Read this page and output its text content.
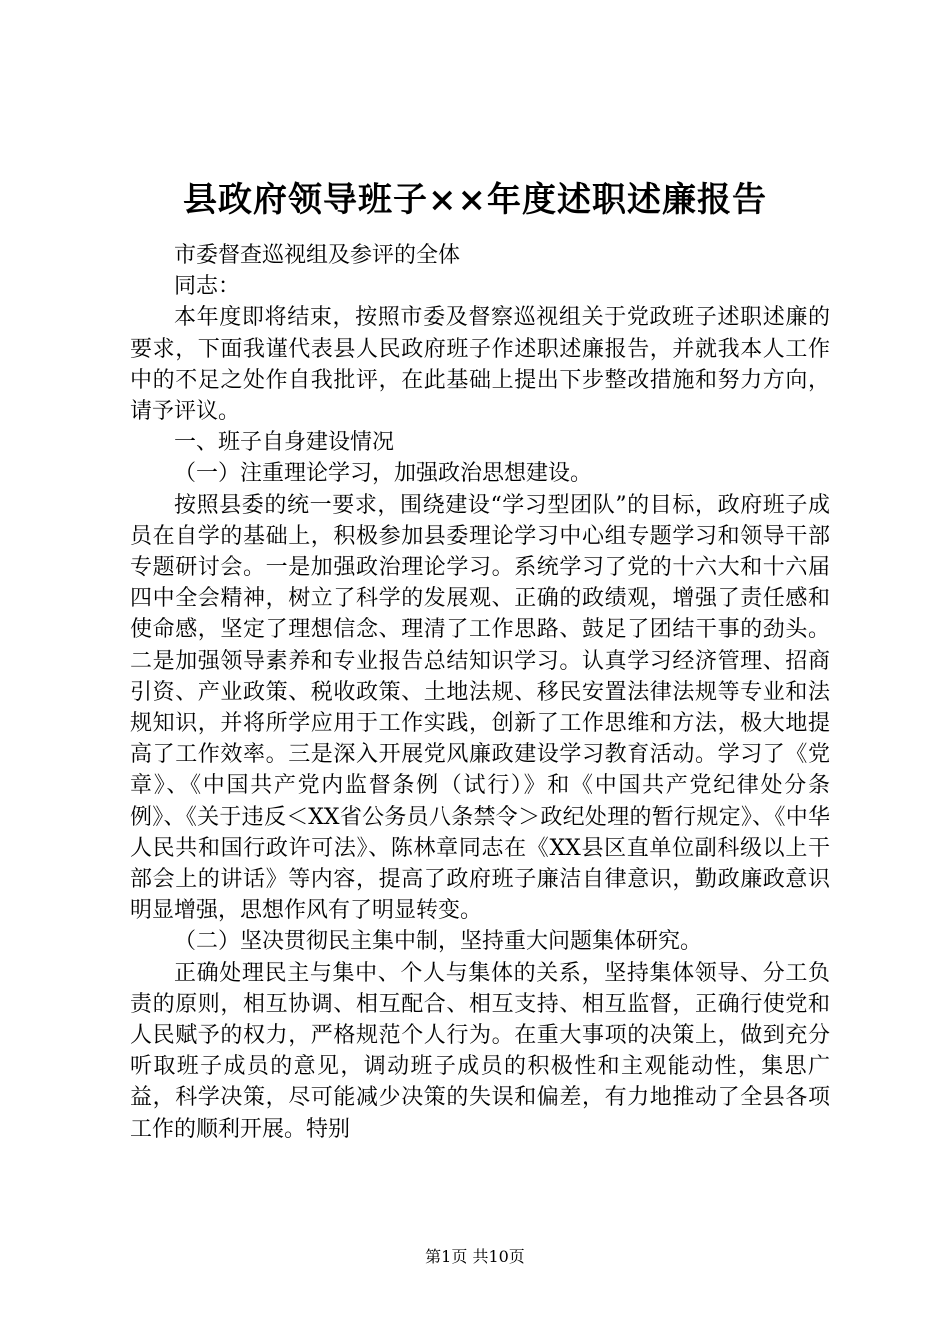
县政府领导班子××年度述职述廉报告

市委督查巡视组及参评的全体

同志：

本年度即将结束，按照市委及督察巡视组关于党政班子述职述廉的要求，下面我谨代表县人民政府班子作述职述廉报告，并就我本人工作中的不足之处作自我批评，在此基础上提出下步整改措施和努力方向，请予评议。

一、班子自身建设情况

（一）注重理论学习，加强政治思想建设。

按照县委的统一要求，围绕建设“学习型团队”的目标，政府班子成员在自学的基础上，积极参加县委理论学习中心组专题学习和领导干部专题研讨会。一是加强政治理论学习。系统学习了党的十六大和十六届四中全会精神，树立了科学的发展观、正确的政绩观，增强了责任感和使命感，坚定了理想信念、理清了工作思路、鼓足了团结干事的劲头。二是加强领导素养和专业报告总结知识学习。认真学习经济管理、招商引资、产业政策、税收政策、土地法规、移民安置法律法规等专业和法规知识，并将所学应用于工作实践，创新了工作思维和方法，极大地提高了工作效率。三是深入开展党风廉政建设学习教育活动。学习了《党章》、《中国共产党内监督条例（试行）》和《中国共产党纪律处分条例》、《关于违反＜XX省公务员八条禁令＞政纪处理的暂行规定》、《中华人民共和国行政许可法》、陈林章同志在《XX县区直单位副科级以上干部会上的讲话》等内容，提高了政府班子廉洁自律意识，勤政廉政意识明显增强，思想作风有了明显转变。

（二）坚决贯彻民主集中制，坚持重大问题集体研究。

正确处理民主与集中、个人与集体的关系，坚持集体领导、分工负责的原则，相互协调、相互配合、相互支持、相互监督，正确行使党和人民赋予的权力，严格规范个人行为。在重大事项的决策上，做到充分听取班子成员的意见，调动班子成员的积极性和主观能动性，集思广益，科学决策，尽可能减少决策的失误和偏差，有力地推动了全县各项工作的顺利开展。特别

第1页 共10页
